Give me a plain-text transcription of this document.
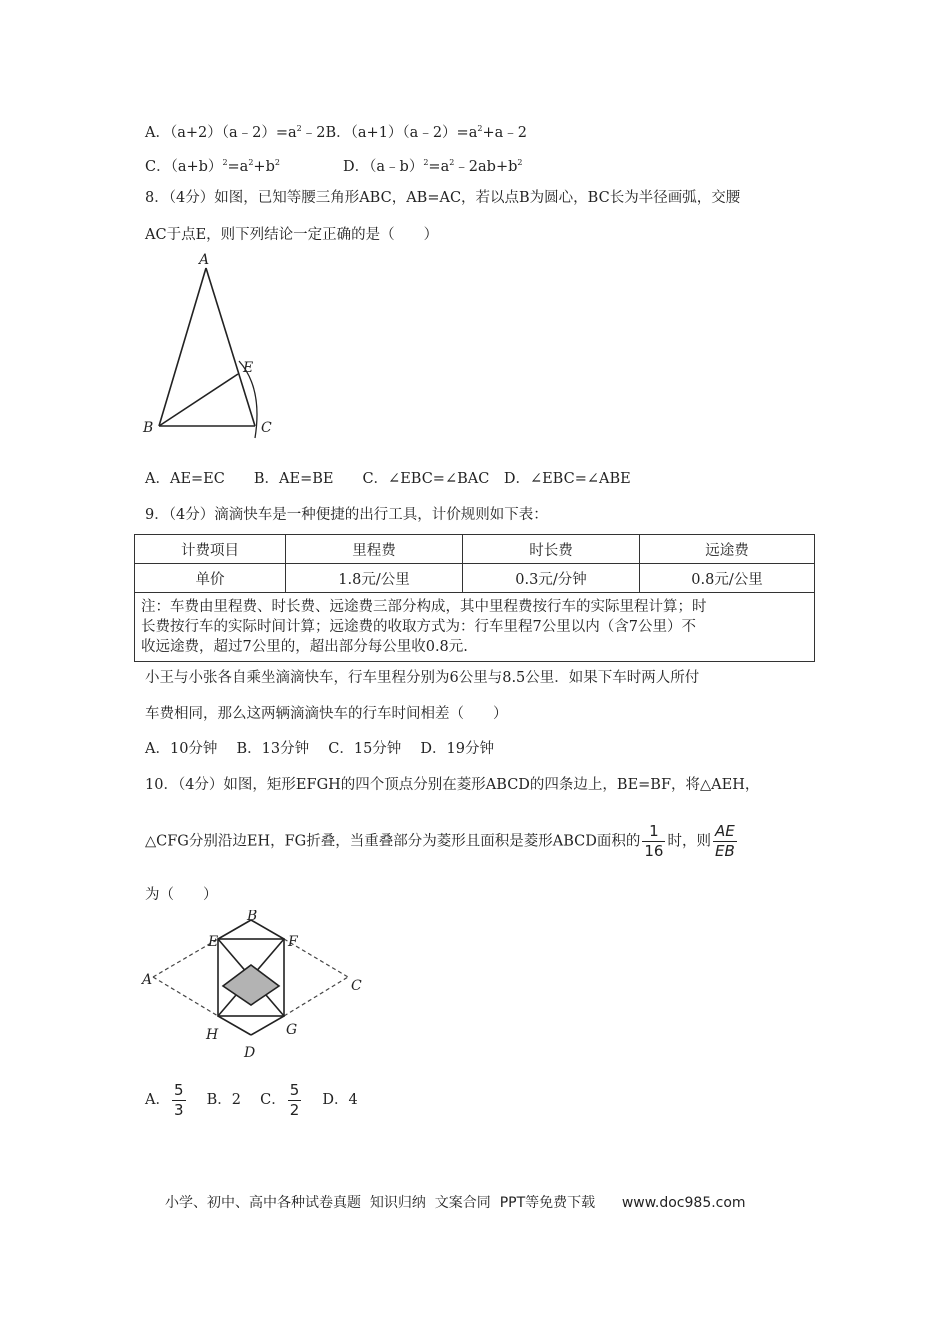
A．$(a+2)(a﹣2)=a^2﹣2B$．$(a+1)(a﹣2)=a^2+a﹣2$
C．$(a+b)^2=a^2+b^2$	D．$(a﹣b)^2=a^2﹣2ab+b^2$
8．（4分）如图，已知等腰三角形ABC，AB=AC，若以点B为圆心，BC长为半径画弧，交腰
AC于点E，则下列结论一定正确的是（　　）
A
B	C
E
A．AE=EC　　B．AE=BE　　C．∠EBC=∠BAC　D．∠EBC=∠ABE
9．（4分）滴滴快车是一种便捷的出行工具，计价规则如下表：
计费项目	里程费	时长费	远途费
单价	1.8元/公里	0.3元/分钟	0.8元/公里

注：车费由里程费、时长费、远途费三部分构成，其中里程费按行车的实际里程计算；时
长费按行车的实际时间计算；远途费的收取方式为：行车里程7公里以内（含7公里）不
收远途费，超过7公里的，超出部分每公里收0.8元.			
小王与小张各自乘坐滴滴快车，行车里程分别为6公里与8.5公里．如果下车时两人所付
车费相同，那么这两辆滴滴快车的行车时间相差（　　）
A．10分钟　 B．13分钟　 C．15分钟　 D．19分钟
10．（4分）如图，矩形EFGH的四个顶点分别在菱形ABCD的四条边上，BE=BF，将△AEH，
△CFG分别沿边EH，FG折叠，当重叠部分为菱形且面积是菱形ABCD面积的 $\frac{1}{16}$ 时，则 $\frac{AE}{EB}$
为（　　）
B
E	F
A	C
H	G
D
A． $\frac{5}{3}$
　 B．2　 C． $\frac{5}{2}$
　 D．4
小学、初中、高中各种试卷真题  知识归纳  文案合同  PPT等免费下载      www.doc985.com
